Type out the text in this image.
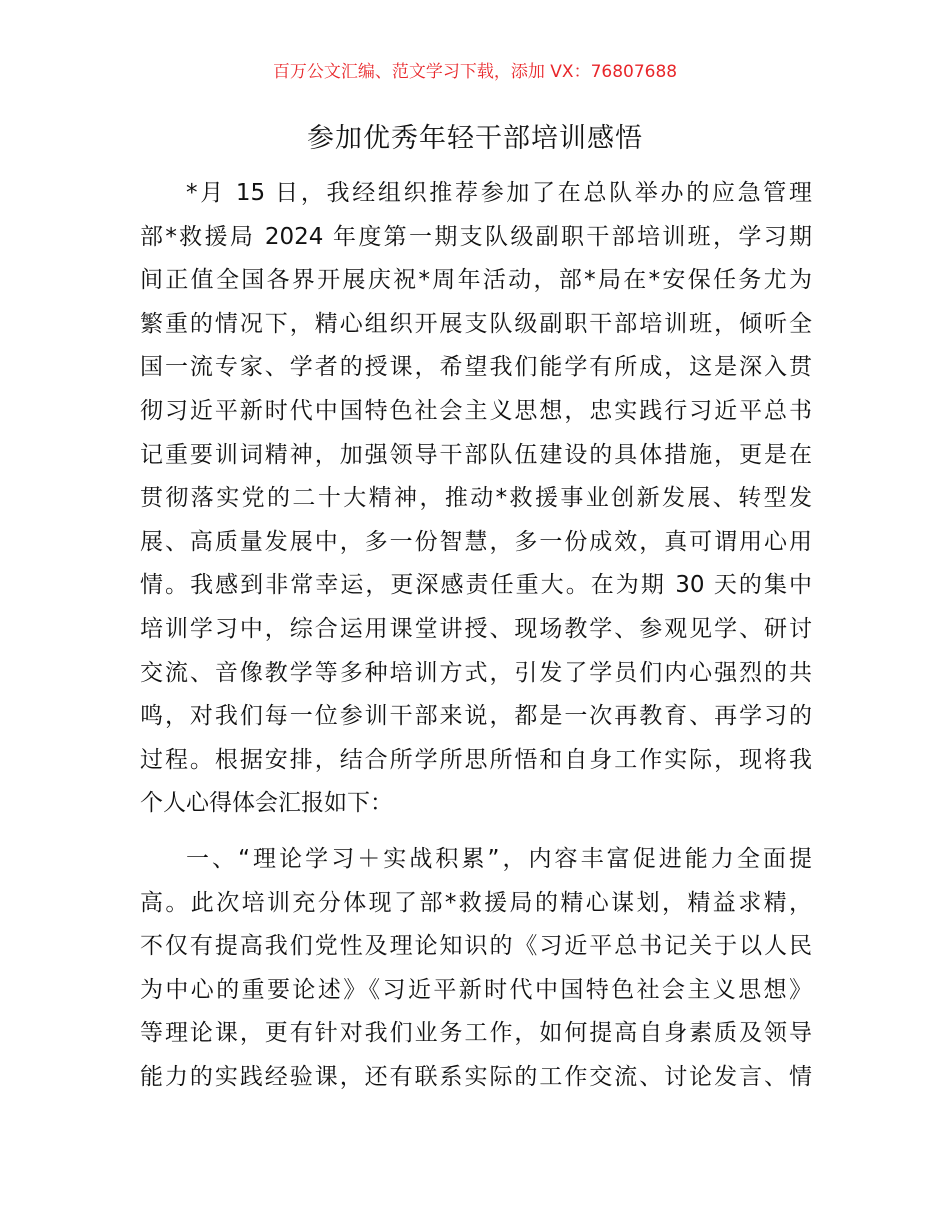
百万公文汇编、范文学习下载，添加 VX：76807688
参加优秀年轻干部培训感悟
*月 15 日，我经组织推荐参加了在总队举办的应急管理
部*救援局 2024 年度第一期支队级副职干部培训班，学习期
间正值全国各界开展庆祝*周年活动，部*局在*安保任务尤为
繁重的情况下，精心组织开展支队级副职干部培训班，倾听全
国一流专家、学者的授课，希望我们能学有所成，这是深入贯
彻习近平新时代中国特色社会主义思想，忠实践行习近平总书
记重要训词精神，加强领导干部队伍建设的具体措施，更是在
贯彻落实党的二十大精神，推动*救援事业创新发展、转型发
展、高质量发展中，多一份智慧，多一份成效，真可谓用心用
情。我感到非常幸运，更深感责任重大。在为期 30 天的集中
培训学习中，综合运用课堂讲授、现场教学、参观见学、研讨
交流、音像教学等多种培训方式，引发了学员们内心强烈的共
鸣，对我们每一位参训干部来说，都是一次再教育、再学习的
过程。根据安排，结合所学所思所悟和自身工作实际，现将我
个人心得体会汇报如下：
一、“理论学习＋实战积累”，内容丰富促进能力全面提
高。此次培训充分体现了部*救援局的精心谋划，精益求精，
不仅有提高我们党性及理论知识的《习近平总书记关于以人民
为中心的重要论述》《习近平新时代中国特色社会主义思想》
等理论课，更有针对我们业务工作，如何提高自身素质及领导
能力的实践经验课，还有联系实际的工作交流、讨论发言、情
